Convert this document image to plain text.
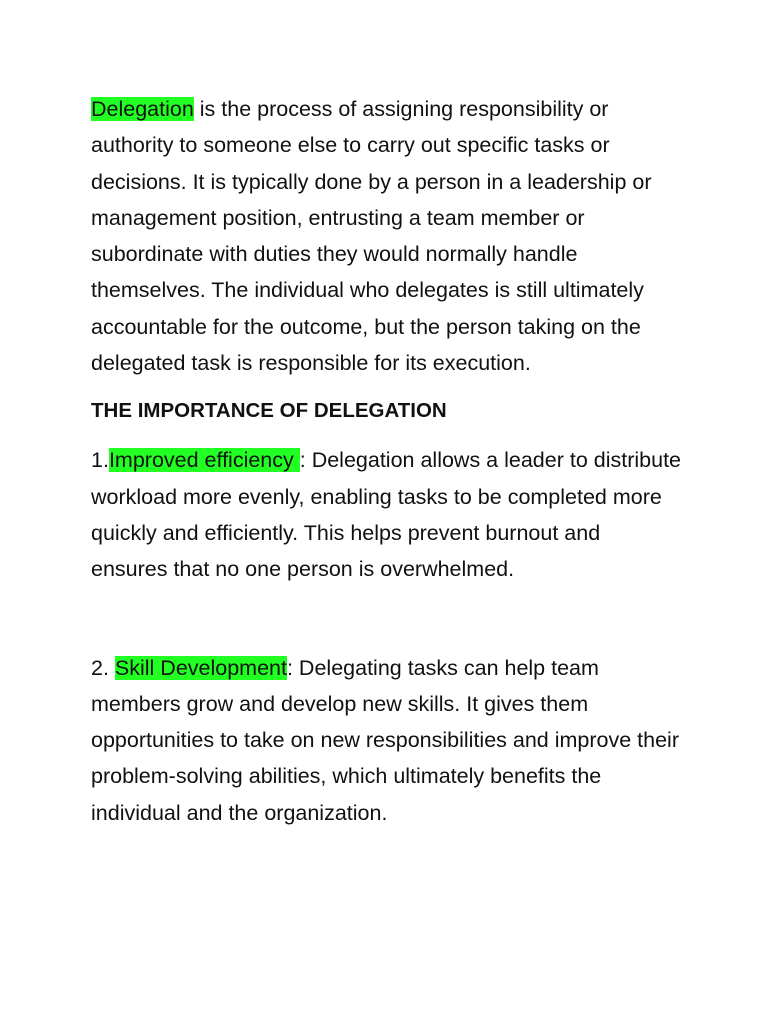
Delegation is the process of assigning responsibility or authority to someone else to carry out specific tasks or decisions. It is typically done by a person in a leadership or management position, entrusting a team member or subordinate with duties they would normally handle themselves. The individual who delegates is still ultimately accountable for the outcome, but the person taking on the delegated task is responsible for its execution.

THE IMPORTANCE OF DELEGATION

1.Improved efficiency : Delegation allows a leader to distribute workload more evenly, enabling tasks to be completed more quickly and efficiently. This helps prevent burnout and ensures that no one person is overwhelmed.

2. Skill Development: Delegating tasks can help team members grow and develop new skills. It gives them opportunities to take on new responsibilities and improve their problem-solving abilities, which ultimately benefits the individual and the organization.
